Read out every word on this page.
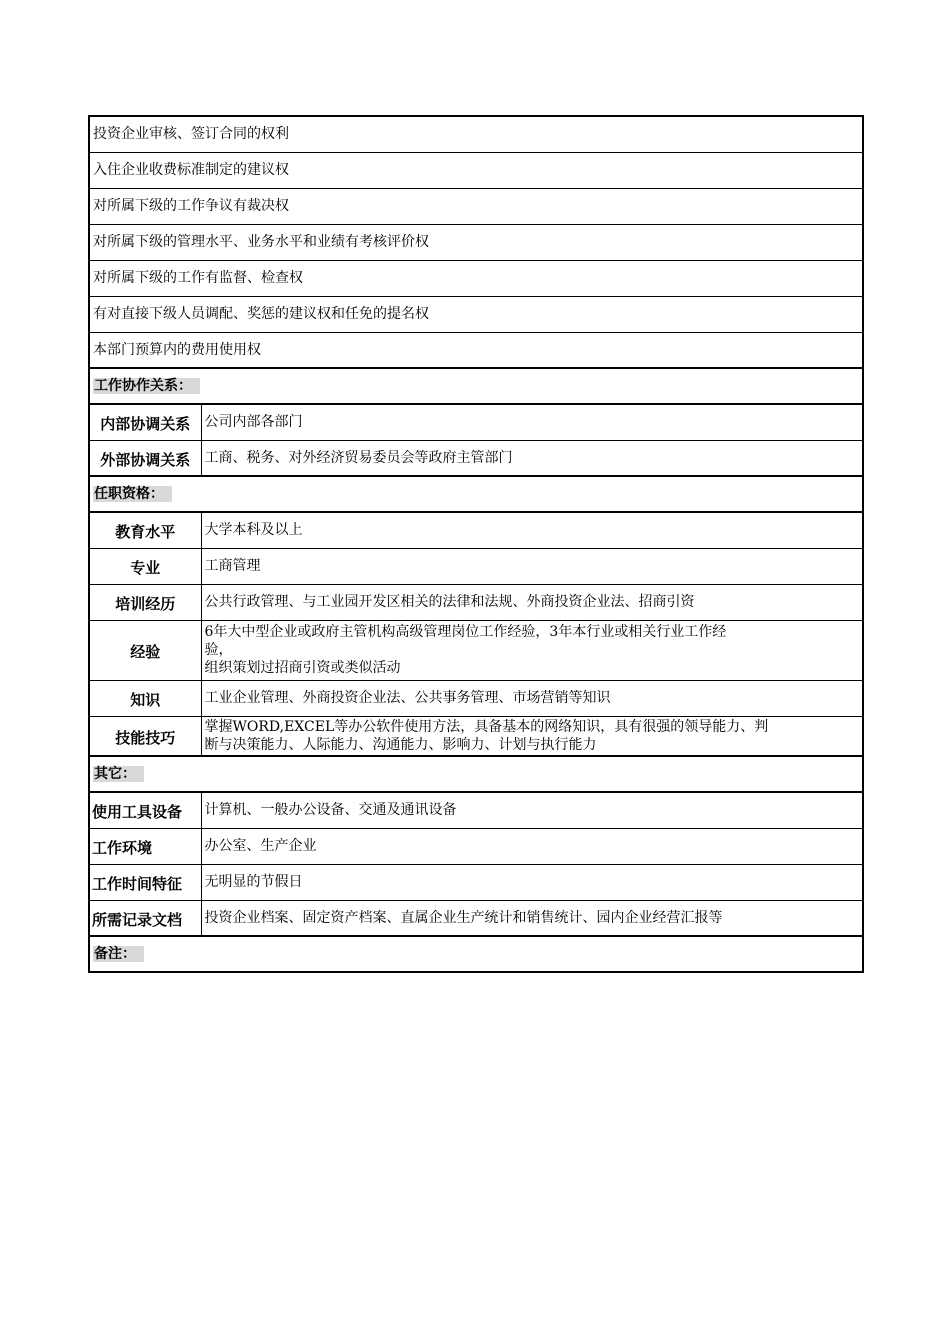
投资企业审核、签订合同的权利	
入住企业收费标准制定的建议权	
对所属下级的工作争议有裁决权	
对所属下级的管理水平、业务水平和业绩有考核评价权	
对所属下级的工作有监督、检查权	
有对直接下级人员调配、奖惩的建议权和任免的提名权	
本部门预算内的费用使用权	
工作协作关系：	
内部协调关系	公司内部各部门
外部协调关系	工商、税务、对外经济贸易委员会等政府主管部门
任职资格：	
教育水平	大学本科及以上
专业	工商管理
培训经历	公共行政管理、与工业园开发区相关的法律和法规、外商投资企业法、招商引资
经验	6年大中型企业或政府主管机构高级管理岗位工作经验，3年本行业或相关行业工作经
验，
组织策划过招商引资或类似活动

知识	工业企业管理、外商投资企业法、公共事务管理、市场营销等知识
技能技巧	掌握WORD,EXCEL等办公软件使用方法，具备基本的网络知识，具有很强的领导能力、判
断与决策能力、人际能力、沟通能力、影响力、计划与执行能力

其它：	
使用工具设备	计算机、一般办公设备、交通及通讯设备
工作环境	办公室、生产企业
工作时间特征	无明显的节假日
所需记录文档	投资企业档案、固定资产档案、直属企业生产统计和销售统计、园内企业经营汇报等
备注：	
